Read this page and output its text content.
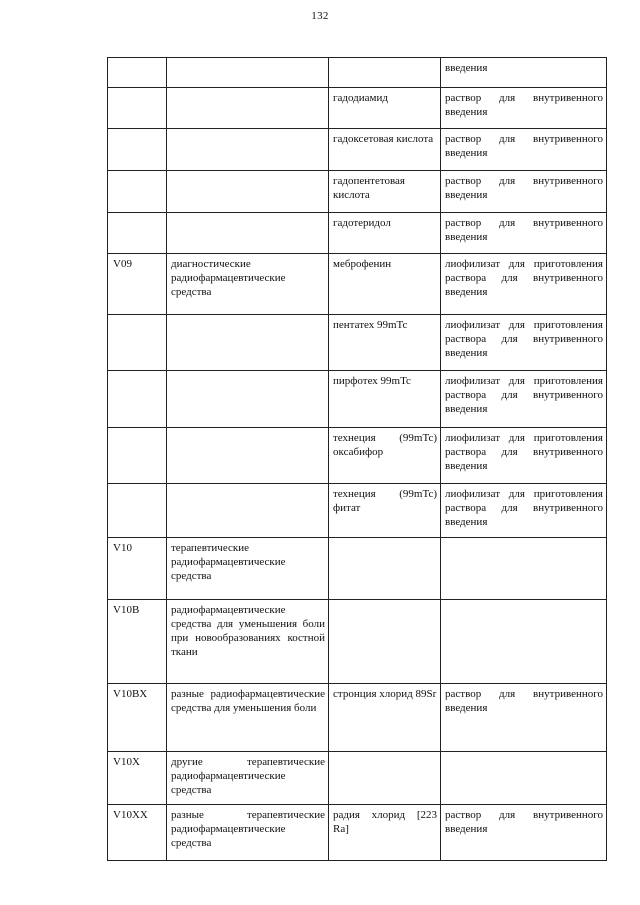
132
			введения
		гадодиамид	раствор для внутривенного введения
		гадоксетовая кислота	раствор для внутривенного введения
		гадопентетовая кислота	раствор для внутривенного введения
		гадотеридол	раствор для внутривенного введения
V09	диагностические радиофармацевтические средства	меброфенин	лиофилизат для приготовления раствора для внутривенного введения
		пентатех 99mTc	лиофилизат для приготовления раствора для внутривенного введения
		пирфотех 99mTc	лиофилизат для приготовления раствора для внутривенного введения
		технеция (99mTc) оксабифор	лиофилизат для приготовления раствора для внутривенного введения
		технеция (99mTc) фитат	лиофилизат для приготовления раствора для внутривенного введения
V10	терапевтические радиофармацевтические средства		
V10B	радиофармацевтические средства для уменьшения боли при новообразованиях костной ткани		
V10BX	разные радиофармацевтические средства для уменьшения боли	стронция хлорид 89Sr	раствор для внутривенного введения
V10X	другие терапевтические радиофармацевтические средства		
V10XX	разные терапевтические радиофармацевтические средства	радия хлорид [223 Ra]	раствор для внутривенного введения
